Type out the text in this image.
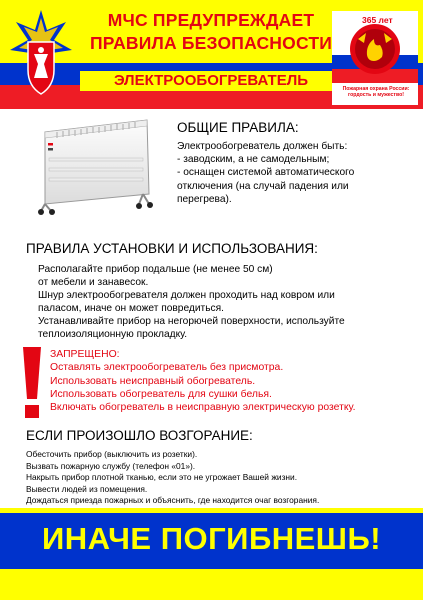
МЧС ПРЕДУПРЕЖДАЕТ
ПРАВИЛА БЕЗОПАСНОСТИ
ЭЛЕКТРООБОГРЕВАТЕЛЬ
365 лет
Пожарная охрана России:
гордость и мужество!
ОБЩИЕ ПРАВИЛА:
Электрообогреватель должен быть:
- заводским, а не самодельным;
- оснащен системой автоматического
отключения (на случай падения или
перегрева).
ПРАВИЛА УСТАНОВКИ И ИСПОЛЬЗОВАНИЯ:
Располагайте прибор подальше (не менее 50 см)
от мебели и занавесок.
Шнур электрообогревателя должен проходить над ковром или
паласом, иначе он может повредиться.
Устанавливайте прибор на негорючей поверхности, используйте
теплоизоляционную прокладку.
ЗАПРЕЩЕНО:
Оставлять электрообогреватель без присмотра.
Использовать неисправный обогреватель.
Использовать обогреватель для сушки белья.
Включать обогреватель в неисправную электрическую розетку.
ЕСЛИ ПРОИЗОШЛО ВОЗГОРАНИЕ:
Обесточить прибор (выключить из розетки).
Вызвать пожарную службу (телефон «01»).
Накрыть прибор плотной тканью, если это не угрожает Вашей жизни.
Вывести людей из помещения.
Дождаться приезда пожарных и объяснить, где находится очаг возгорания.
ИНАЧЕ ПОГИБНЕШЬ!
